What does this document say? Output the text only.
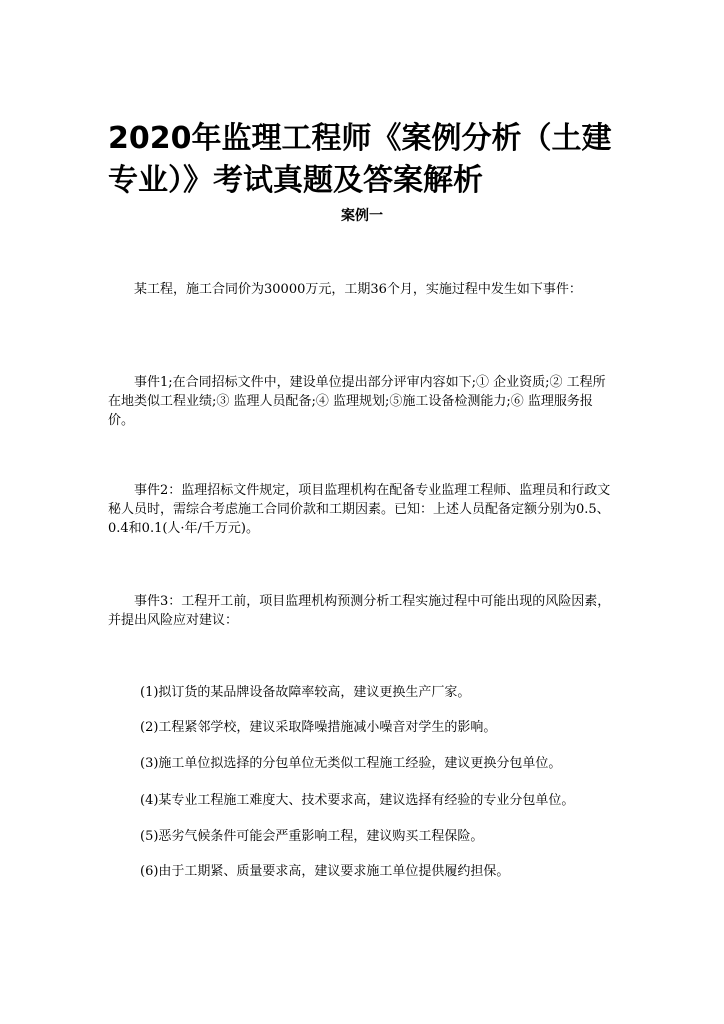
2020年监理工程师《案例分析（土建专业）》考试真题及答案解析

案例一

某工程，施工合同价为30000万元，工期36个月，实施过程中发生如下事件：

事件1;在合同招标文件中，建设单位提出部分评审内容如下;① 企业资质;② 工程所在地类似工程业绩;③ 监理人员配备;④ 监理规划;⑤施工设备检测能力;⑥ 监理服务报价。

事件2：监理招标文件规定，项目监理机构在配备专业监理工程师、监理员和行政文秘人员时，需综合考虑施工合同价款和工期因素。已知：上述人员配备定额分别为0.5、0.4和0.1(人·年/千万元)。

事件3：工程开工前，项目监理机构预测分析工程实施过程中可能出现的风险因素，并提出风险应对建议：

(1)拟订货的某品牌设备故障率较高，建议更换生产厂家。

(2)工程紧邻学校，建议采取降噪措施减小噪音对学生的影响。

(3)施工单位拟选择的分包单位无类似工程施工经验，建议更换分包单位。

(4)某专业工程施工难度大、技术要求高，建议选择有经验的专业分包单位。

(5)恶劣气候条件可能会严重影响工程，建议购买工程保险。

(6)由于工期紧、质量要求高，建议要求施工单位提供履约担保。
